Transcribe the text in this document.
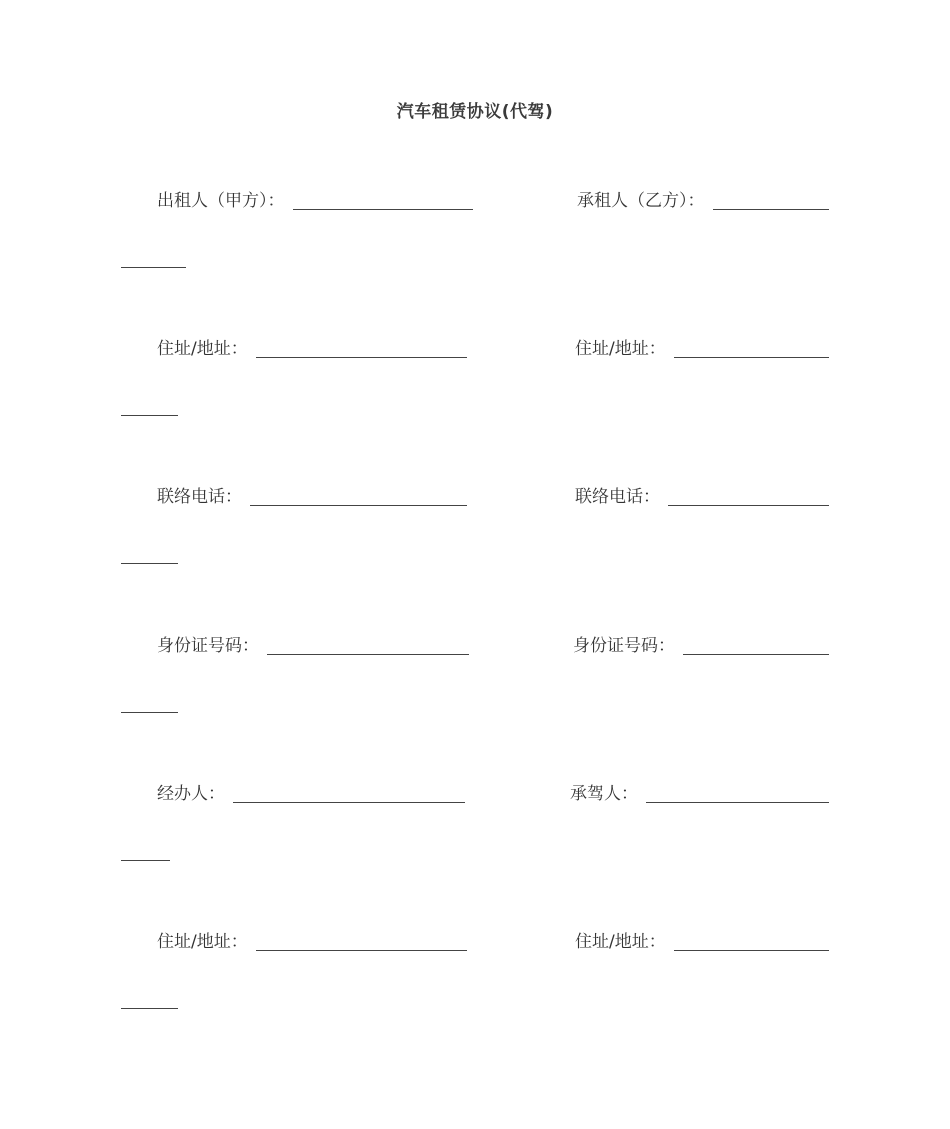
汽车租赁协议(代驾)
出租人（甲方）：	承租人（乙方）：
住址/地址：	住址/地址：
联络电话：	联络电话：
身份证号码：	身份证号码：
经办人：	承驾人：
住址/地址：	住址/地址：
